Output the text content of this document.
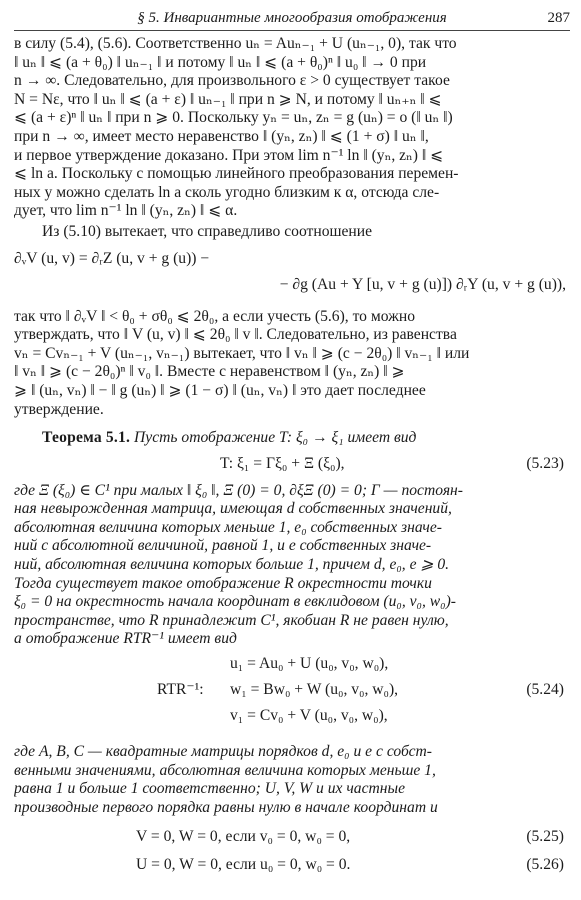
§ 5. Инвариантные многообразия отображения	287
в силу (5.4), (5.6). Соответственно uₙ = Auₙ₋₁ + U (uₙ₋₁, 0), так что
‖ uₙ ‖ ⩽ (a + θ₀) ‖ uₙ₋₁ ‖ и потому ‖ uₙ ‖ ⩽ (a + θ₀)ⁿ ‖ u₀ ‖ → 0 при
n → ∞. Следовательно, для произвольного ε > 0 существует такое
N = Nε, что ‖ uₙ ‖ ⩽ (a + ε) ‖ uₙ₋₁ ‖ при n ⩾ N, и потому ‖ uₙ₊ₙ ‖ ⩽
⩽ (a + ε)ⁿ ‖ uₙ ‖ при n ⩾ 0. Поскольку yₙ = uₙ, zₙ = g (uₙ) = o (‖ uₙ ‖)
при n → ∞, имеет место неравенство ‖ (yₙ, zₙ) ‖ ⩽ (1 + σ) ‖ uₙ ‖,
и первое утверждение доказано. При этом lim n⁻¹ ln ‖ (yₙ, zₙ) ‖ ⩽
⩽ ln a. Поскольку с помощью линейного преобразования перемен-
ных y можно сделать ln a сколь угодно близким к α, отсюда сле-
дует, что lim n⁻¹ ln ‖ (yₙ, zₙ) ‖ ⩽ α.
Из (5.10) вытекает, что справедливо соотношение
∂ᵥV (u, v) = ∂ᵣZ (u, v + g (u)) −
− ∂g (Au + Y [u, v + g (u)]) ∂ᵣY (u, v + g (u)),
так что ‖ ∂ᵥV ‖ < θ₀ + σθ₀ ⩽ 2θ₀, а если учесть (5.6), то можно
утверждать, что ‖ V (u, v) ‖ ⩽ 2θ₀ ‖ v ‖. Следовательно, из равенства
vₙ = Cvₙ₋₁ + V (uₙ₋₁, vₙ₋₁) вытекает, что ‖ vₙ ‖ ⩾ (c − 2θ₀) ‖ vₙ₋₁ ‖ или
‖ vₙ ‖ ⩾ (c − 2θ₀)ⁿ ‖ v₀ ‖. Вместе с неравенством ‖ (yₙ, zₙ) ‖ ⩾
⩾ ‖ (uₙ, vₙ) ‖ − ‖ g (uₙ) ‖ ⩾ (1 − σ) ‖ (uₙ, vₙ) ‖ это дает последнее
утверждение.
Теорема 5.1. Пусть отображение T: ξ₀ → ξ₁ имеет вид
T: ξ₁ = Γξ₀ + Ξ (ξ₀),	(5.23)
где Ξ (ξ₀) ∈ C¹ при малых ‖ ξ₀ ‖, Ξ (0) = 0, ∂ξΞ (0) = 0; Γ — постоян-
ная невырожденная матрица, имеющая d собственных значений,
абсолютная величина которых меньше 1, e₀ собственных значе-
ний с абсолютной величиной, равной 1, и e собственных значе-
ний, абсолютная величина которых больше 1, причем d, e₀, e ⩾ 0.
Тогда существует такое отображение R окрестности точки
ξ₀ = 0 на окрестность начала координат в евклидовом (u₀, v₀, w₀)-
пространстве, что R принадлежит C¹, якобиан R не равен нулю,
а отображение RTR⁻¹ имеет вид
RTR⁻¹:
u₁ = Au₀ + U (u₀, v₀, w₀),
w₁ = Bw₀ + W (u₀, v₀, w₀),
v₁ = Cv₀ + V (u₀, v₀, w₀),
(5.24)
где A, B, C — квадратные матрицы порядков d, e₀ и e с собст-
венными значениями, абсолютная величина которых меньше 1,
равна 1 и больше 1 соответственно; U, V, W и их частные
производные первого порядка равны нулю в начале координат и
V = 0, W = 0, если v₀ = 0, w₀ = 0,	(5.25)
U = 0, W = 0, если u₀ = 0, w₀ = 0.	(5.26)
